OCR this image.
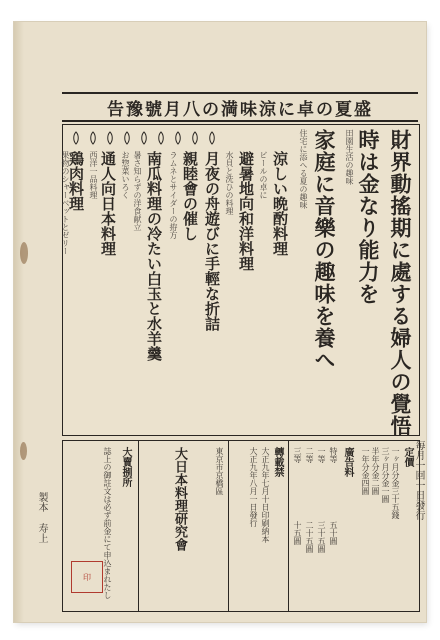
告豫號月八の満味涼に卓の夏盛
財界動搖期に處する婦人の覺悟
時は金なり能力を
田園生活の趣味
家庭に音樂の趣味を養へ
住宅に添へる夏の趣味
涼しい晩酌料理
ビールの卓に
避暑地向和洋料理
水貝と洗ひの料理
月夜の舟遊びに手輕な折詰
親睦會の催し
ラムネとサイダーの拵方
南瓜料理の冷たい白玉と水羊羹
暑さ知らずの洋食献立
お惣菜いろく
通人向日本料理
西洋一品料理
鶏肉料理
果物のシャーベットとゼリー
定價
一ヶ月分金三十五錢
三ヶ月分金一圓
半年分金二圓
一年分金四圓
廣告料
特等
一等
二等
三等
五十圓
三十五圓
二十五圓
十五圓
轉載禁
大正九年七月十日印刷納本
大正九年八月一日發行
東京市京橋區
大日本料理研究會
大賣捌所
誌上の御註文は必ず前金にて申込まれたし
印
毎月一回一日發行
製本 寿上
